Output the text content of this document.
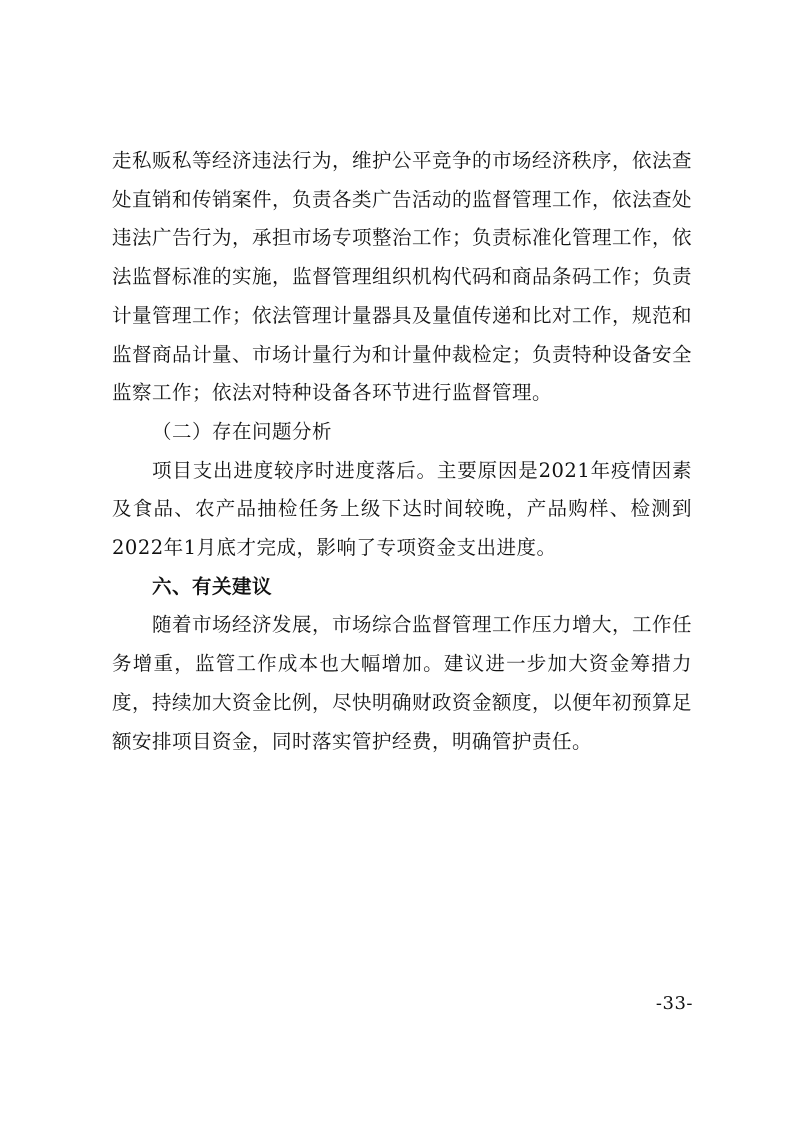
走私贩私等经济违法行为，维护公平竞争的市场经济秩序，依法查处直销和传销案件，负责各类广告活动的监督管理工作，依法查处违法广告行为，承担市场专项整治工作；负责标准化管理工作，依法监督标准的实施，监督管理组织机构代码和商品条码工作；负责计量管理工作；依法管理计量器具及量值传递和比对工作，规范和监督商品计量、市场计量行为和计量仲裁检定；负责特种设备安全监察工作；依法对特种设备各环节进行监督管理。

（二）存在问题分析

项目支出进度较序时进度落后。主要原因是2021年疫情因素及食品、农产品抽检任务上级下达时间较晚，产品购样、检测到2022年1月底才完成，影响了专项资金支出进度。

六、有关建议

随着市场经济发展，市场综合监督管理工作压力增大，工作任务增重，监管工作成本也大幅增加。建议进一步加大资金筹措力度，持续加大资金比例，尽快明确财政资金额度，以便年初预算足额安排项目资金，同时落实管护经费，明确管护责任。

-33-
